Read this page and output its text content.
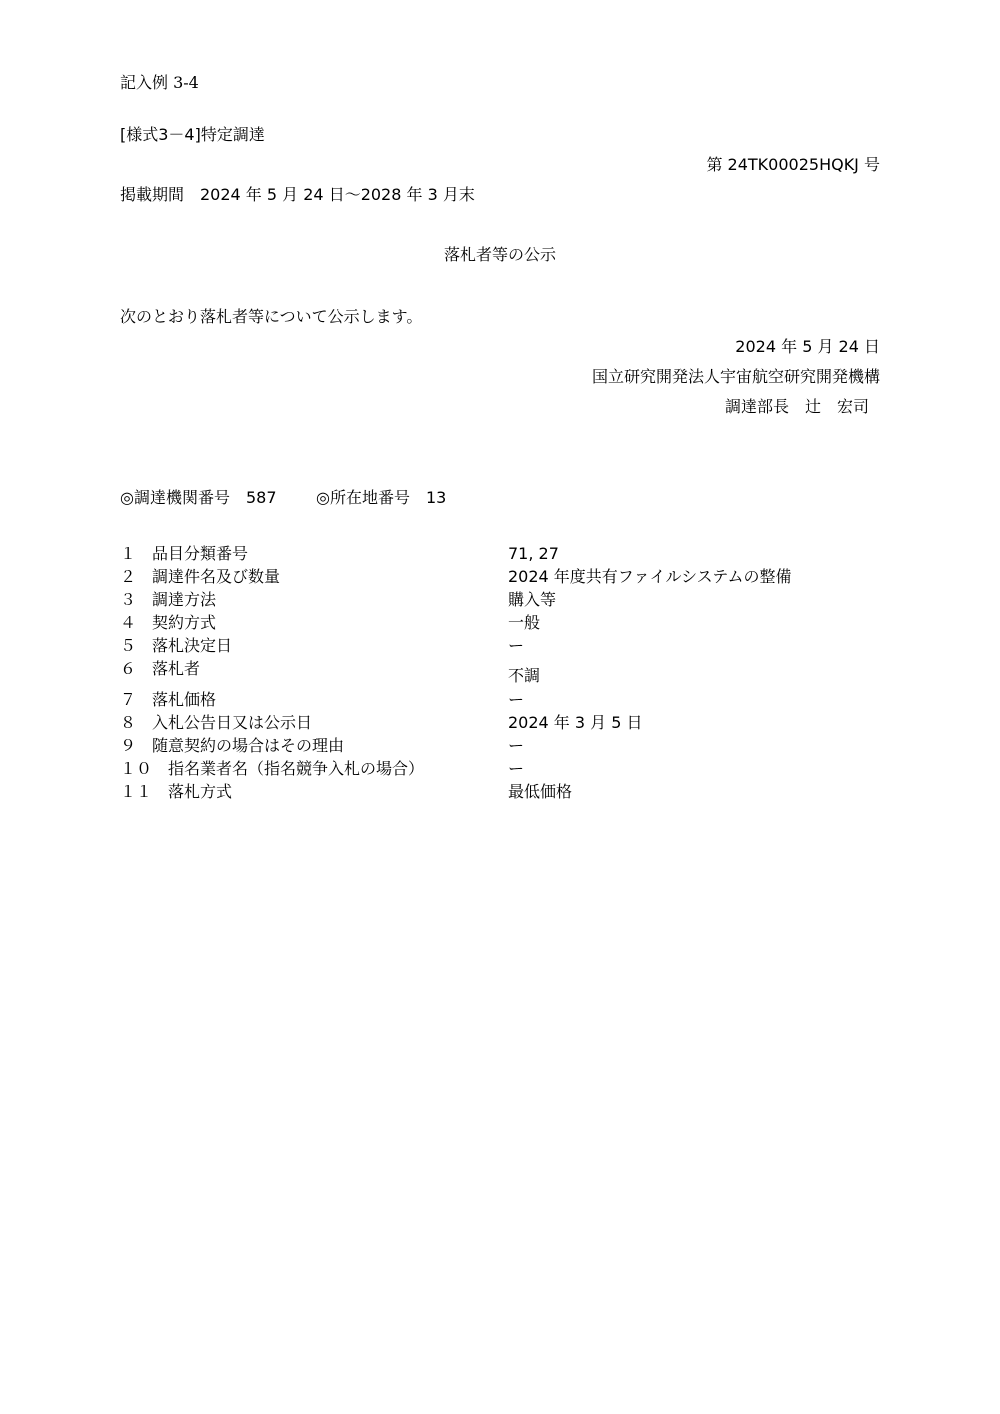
記入例 3-4
[様式3－4]特定調達
第 24TK00025HQKJ 号
掲載期間　2024 年 5 月 24 日～2028 年 3 月末
落札者等の公示
次のとおり落札者等について公示します。
2024 年 5 月 24 日
国立研究開発法人宇宙航空研究開発機構
調達部長　辻　宏司
◎調達機関番号　587 ◎所在地番号　13
１　品目分類番号	71, 27
２　調達件名及び数量	2024 年度共有ファイルシステムの整備
３　調達方法	購入等
４　契約方式	一般
５　落札決定日	ー
６　落札者	不調
７　落札価格	ー
８　入札公告日又は公示日	2024 年 3 月 5 日
９　随意契約の場合はその理由	ー
１０　指名業者名（指名競争入札の場合）	ー
１１　落札方式	最低価格
